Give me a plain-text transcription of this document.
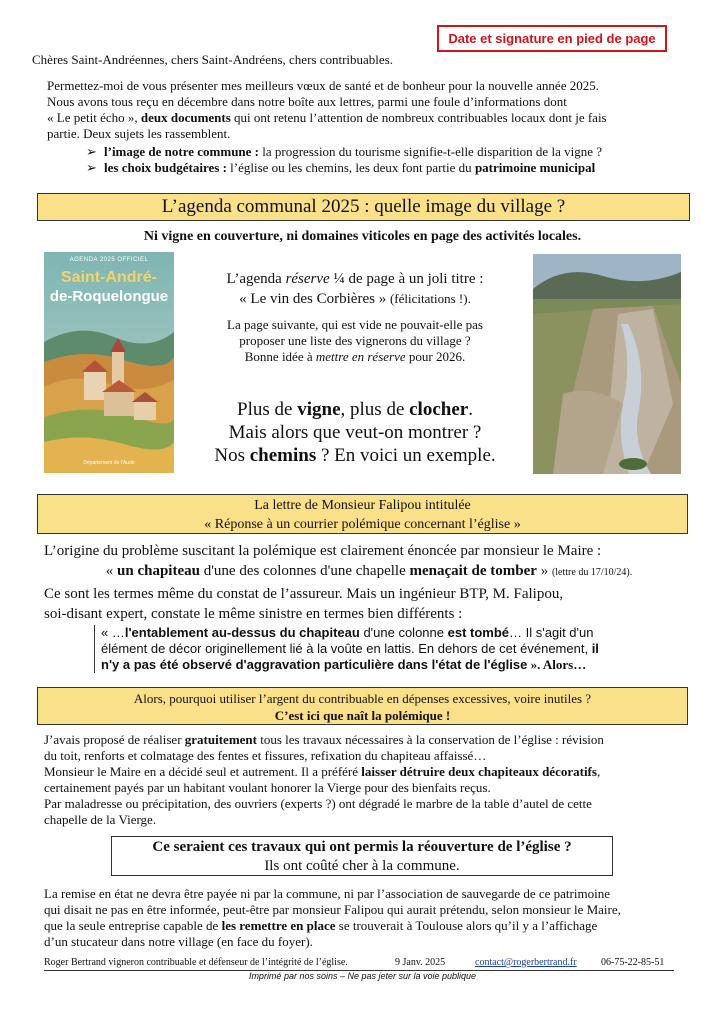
Date et signature en pied de page
Chères Saint-Andréennes, chers Saint-Andréens, chers contribuables.
Permettez-moi de vous présenter mes meilleurs vœux de santé et de bonheur pour la nouvelle année 2025.
Nous avons tous reçu en décembre dans notre boîte aux lettres, parmi une foule d’informations dont
« Le petit écho », deux documents qui ont retenu l’attention de nombreux contribuables locaux dont je fais
partie. Deux sujets les rassemblent.
➢ l’image de notre commune : la progression du tourisme signifie-t-elle disparition de la vigne ?
➢ les choix budgétaires : l’église ou les chemins, les deux font partie du patrimoine municipal
L’agenda communal 2025 : quelle image du village ?
Ni vigne en couverture, ni domaines viticoles en page des activités locales.
AGENDA 2025 OFFICIEL
Saint-André-
de-Roquelongue
Département de l’Aude
L’agenda réserve ¼ de page à un joli titre :
« Le vin des Corbières » (félicitations !).
La page suivante, qui est vide ne pouvait-elle pas
proposer une liste des vignerons du village ?
Bonne idée à mettre en réserve pour 2026.
Plus de vigne, plus de clocher.
Mais alors que veut-on montrer ?
Nos chemins ? En voici un exemple.
La lettre de Monsieur Falipou intitulée
« Réponse à un courrier polémique concernant l’église »
L’origine du problème suscitant la polémique est clairement énoncée par monsieur le Maire :
« un chapiteau d'une des colonnes d'une chapelle menaçait de tomber » (lettre du 17/10/24).
Ce sont les termes même du constat de l’assureur. Mais un ingénieur BTP, M. Falipou,
soi-disant expert, constate le même sinistre en termes bien différents :
« …l'entablement au-dessus du chapiteau d'une colonne est tombé… Il s'agit d'un
élément de décor originellement lié à la voûte en lattis. En dehors de cet événement, il
n'y a pas été observé d'aggravation particulière dans l'état de l'église ». Alors…
Alors, pourquoi utiliser l’argent du contribuable en dépenses excessives, voire inutiles ?
C’est ici que naît la polémique !
J’avais proposé de réaliser gratuitement tous les travaux nécessaires à la conservation de l’église : révision
du toit, renforts et colmatage des fentes et fissures, refixation du chapiteau affaissé…
Monsieur le Maire en a décidé seul et autrement. Il a préféré laisser détruire deux chapiteaux décoratifs,
certainement payés par un habitant voulant honorer la Vierge pour des bienfaits reçus.
Par maladresse ou précipitation, des ouvriers (experts ?) ont dégradé le marbre de la table d’autel de cette
chapelle de la Vierge.
Ce seraient ces travaux qui ont permis la réouverture de l’église ?
Ils ont coûté cher à la commune.
La remise en état ne devra être payée ni par la commune, ni par l’association de sauvegarde de ce patrimoine
qui disait ne pas en être informée, peut-être par monsieur Falipou qui aurait prétendu, selon monsieur le Maire,
que la seule entreprise capable de les remettre en place se trouverait à Toulouse alors qu’il y a l’affichage
d’un stucateur dans notre village (en face du foyer).
Roger Bertrand vigneron contribuable et défenseur de l’intégrité de l’église.	9 Janv. 2025	contact@rogerbertrand.fr 06-75-22-85-51
Imprimé par nos soins – Ne pas jeter sur la voie publique
